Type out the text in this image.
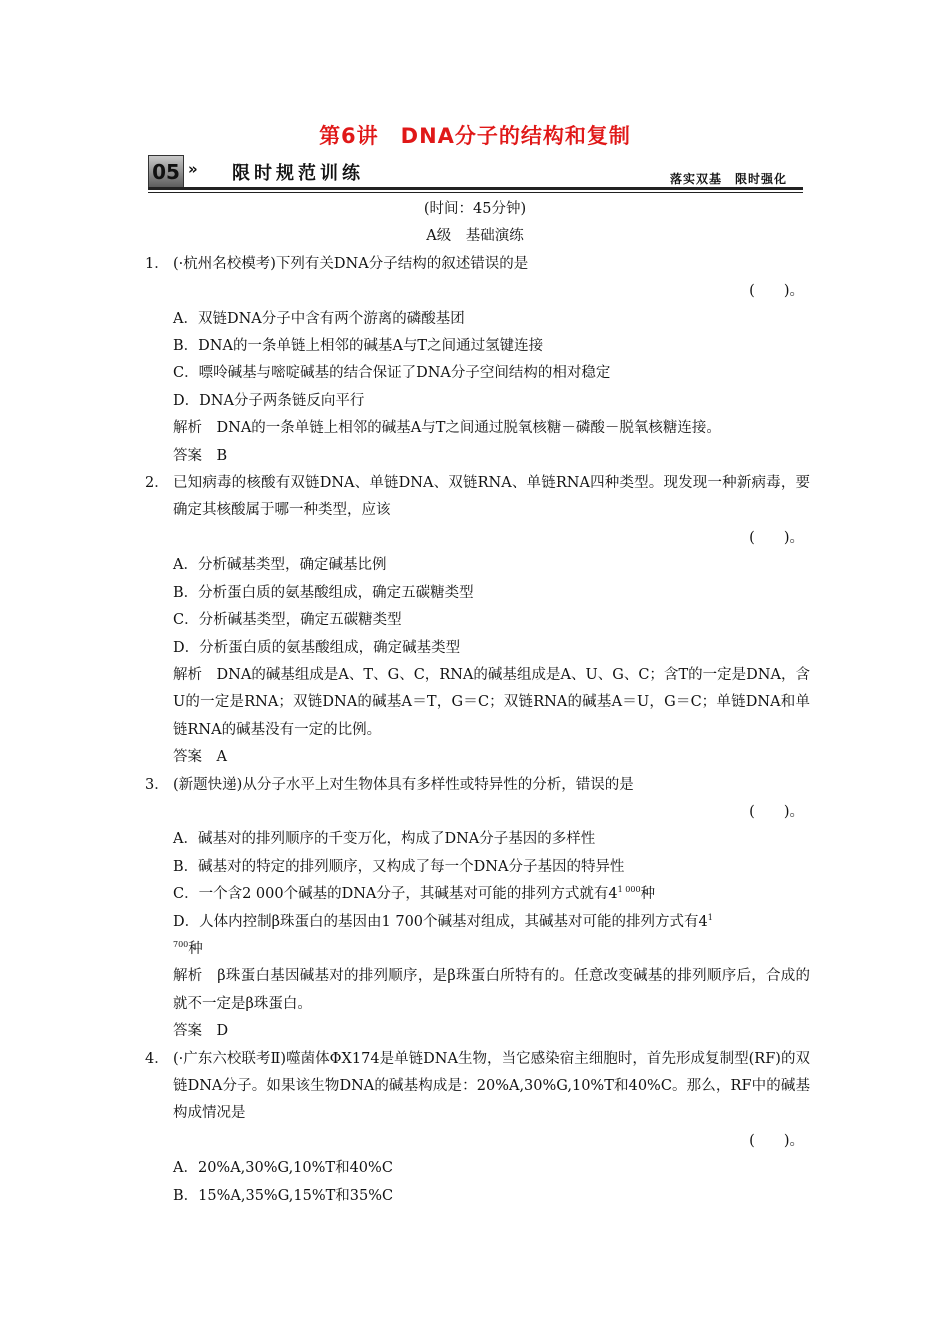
第6讲　DNA分子的结构和复制
05 » 限时规范训练	落实双基　限时强化
(时间：45分钟)
A级　基础演练
1． (·杭州名校模考)下列有关DNA分子结构的叙述错误的是
(　　)。
A．双链DNA分子中含有两个游离的磷酸基团
B．DNA的一条单链上相邻的碱基A与T之间通过氢键连接
C．嘌呤碱基与嘧啶碱基的结合保证了DNA分子空间结构的相对稳定
D．DNA分子两条链反向平行
解析　DNA的一条单链上相邻的碱基A与T之间通过脱氧核糖－磷酸－脱氧核糖连接。
答案　B
2． 已知病毒的核酸有双链DNA、单链DNA、双链RNA、单链RNA四种类型。现发现一种新病毒，要确定其核酸属于哪一种类型，应该
(　　)。
A．分析碱基类型，确定碱基比例
B．分析蛋白质的氨基酸组成，确定五碳糖类型
C．分析碱基类型，确定五碳糖类型
D．分析蛋白质的氨基酸组成，确定碱基类型
解析　DNA的碱基组成是A、T、G、C，RNA的碱基组成是A、U、G、C；含T的一定是DNA，含U的一定是RNA；双链DNA的碱基A＝T，G＝C；双链RNA的碱基A＝U，G＝C；单链DNA和单链RNA的碱基没有一定的比例。
答案　A
3． (新题快递)从分子水平上对生物体具有多样性或特异性的分析，错误的是
(　　)。
A．碱基对的排列顺序的千变万化，构成了DNA分子基因的多样性
B．碱基对的特定的排列顺序，又构成了每一个DNA分子基因的特异性
C．一个含2 000个碱基的DNA分子，其碱基对可能的排列方式就有$4^{1 000}$种
D．人体内控制β珠蛋白的基因由1 700个碱基对组成，其碱基对可能的排列方式有$4^1$
$^{700}$种
解析　β珠蛋白基因碱基对的排列顺序，是β珠蛋白所特有的。任意改变碱基的排列顺序后，合成的就不一定是β珠蛋白。
答案　D
4． (·广东六校联考Ⅱ)噬菌体ΦX174是单链DNA生物，当它感染宿主细胞时，首先形成复制型(RF)的双链DNA分子。如果该生物DNA的碱基构成是：20%A,30%G,10%T和40%C。那么，RF中的碱基构成情况是
(　　)。
A．20%A,30%G,10%T和40%C
B．15%A,35%G,15%T和35%C
